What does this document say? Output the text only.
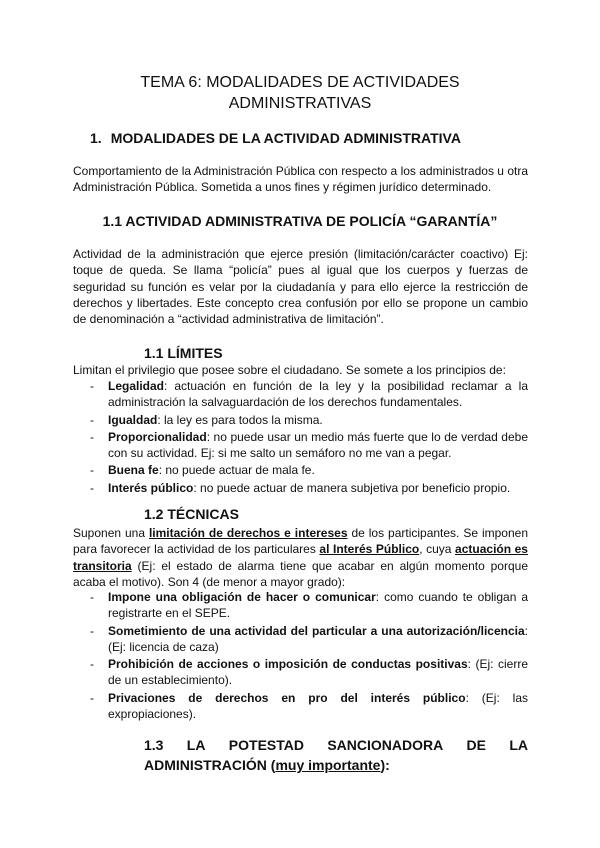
TEMA 6: MODALIDADES DE ACTIVIDADES
ADMINISTRATIVAS
1. MODALIDADES DE LA ACTIVIDAD ADMINISTRATIVA
Comportamiento de la Administración Pública con respecto a los administrados u otra Administración Pública. Sometida a unos fines y régimen jurídico determinado.
1.1 ACTIVIDAD ADMINISTRATIVA DE POLICÍA “GARANTÍA”
Actividad de la administración que ejerce presión (limitación/carácter coactivo) Ej: toque de queda. Se llama “policía” pues al igual que los cuerpos y fuerzas de seguridad su función es velar por la ciudadanía y para ello ejerce la restricción de derechos y libertades. Este concepto crea confusión por ello se propone un cambio de denominación a “actividad administrativa de limitación”.
1.1 LÍMITES
Limitan el privilegio que posee sobre el ciudadano. Se somete a los principios de:
- Legalidad: actuación en función de la ley y la posibilidad reclamar a la administración la salvaguardación de los derechos fundamentales.
- Igualdad: la ley es para todos la misma.
- Proporcionalidad: no puede usar un medio más fuerte que lo de verdad debe con su actividad. Ej: si me salto un semáforo no me van a pegar.
- Buena fe: no puede actuar de mala fe.
- Interés público: no puede actuar de manera subjetiva por beneficio propio.
1.2 TÉCNICAS
Suponen una limitación de derechos e intereses de los participantes. Se imponen para favorecer la actividad de los particulares al Interés Público, cuya actuación es transitoria (Ej: el estado de alarma tiene que acabar en algún momento porque acaba el motivo). Son 4 (de menor a mayor grado):
- Impone una obligación de hacer o comunicar: como cuando te obligan a registrarte en el SEPE.
- Sometimiento de una actividad del particular a una autorización/licencia: (Ej: licencia de caza)
- Prohibición de acciones o imposición de conductas positivas: (Ej: cierre de un establecimiento).
- Privaciones de derechos en pro del interés público: (Ej: las expropiaciones).
1.3 LA POTESTAD SANCIONADORA DE LA
ADMINISTRACIÓN (muy importante):
